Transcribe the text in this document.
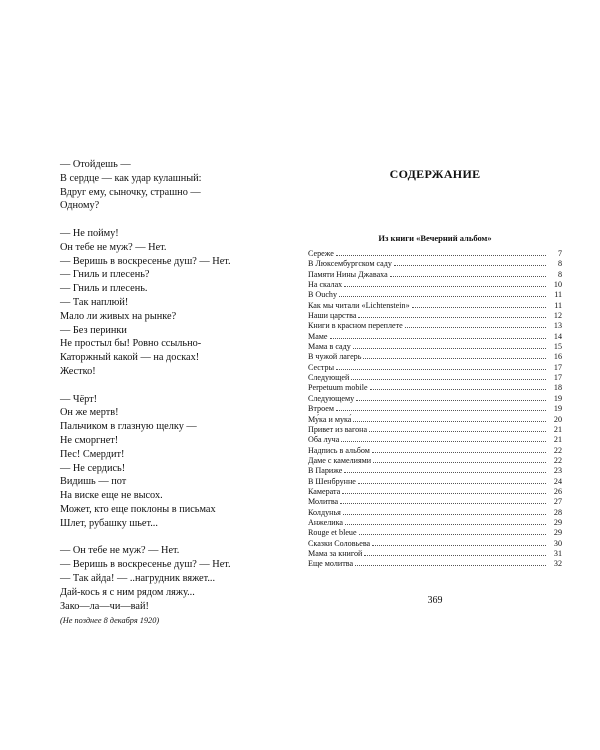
— Отойдешь —
В сердце — как удар кулашный:
Вдруг ему, сыночку, страшно —
Одному?
— Не пойму!
Он тебе не муж? — Нет.
— Веришь в воскресенье душ? — Нет.
— Гниль и плесень?
— Гниль и плесень.
— Так наплюй!
Мало ли живых на рынке?
— Без перинки
Не простыл бы! Ровно ссыльно-
Каторжный какой — на досках!
Жестко!
— Чёрт!
Он же мертв!
Пальчиком в глазную щелку —
Не сморгнет!
Пес! Смердит!
— Не сердись!
Видишь — пот
На виске еще не высох.
Может, кто еще поклоны в письмах
Шлет, рубашку шьет...
— Он тебе не муж? — Нет.
— Веришь в воскресенье душ? — Нет.
— Так айда! — ..нагрудник вяжет...
Дай-кось я с ним рядом ляжу...
Зако—ла—чи—вай!
(Не позднее 8 декабря 1920)
СОДЕРЖАНИЕ
Из книги «Вечерний альбом»
Сереже	7
В Люксембургском саду	8
Памяти Нины Джаваха	8
На скалах	10
В Ouchy	11
Как мы читали «Lichtenstein»	11
Наши царства	12
Книги в красном переплете	13
Маме	14
Мама в саду	15
В чужой лагерь	16
Сестры	17
Следующей	17
Perpetuum mobile	18
Следующему	19
Втроем	19
Му́ка и мука́	20
Привет из вагона	21
Оба луча	21
Надпись в альбом	22
Даме с камелиями	22
В Париже	23
В Шенбрунне	24
Камерата	26
Молитва	27
Колдунья	28
Анжелика	29
Rouge et bleue	29
Сказки Соловьева	30
Мама за книгой	31
Еще молитва	32
369
